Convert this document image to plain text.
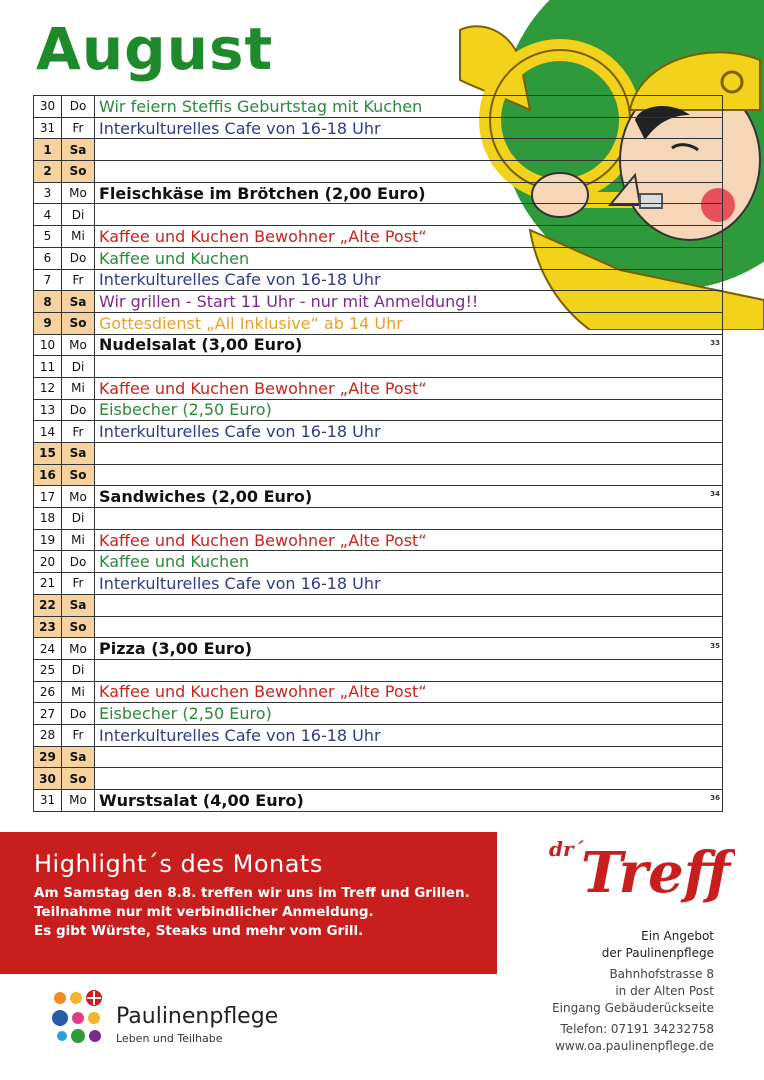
August
30	Do	Wir feiern Steffis Geburtstag mit Kuchen
31	Fr	Interkulturelles Cafe von 16-18 Uhr
1	Sa	
2	So	
3	Mo	Fleischkäse im Brötchen (2,00 Euro)
4	Di	
5	Mi	Kaffee und Kuchen Bewohner „Alte Post“
6	Do	Kaffee und Kuchen
7	Fr	Interkulturelles Cafe von 16-18 Uhr
8	Sa	Wir grillen - Start 11 Uhr - nur mit Anmeldung!!
9	So	Gottesdienst „All Inklusive“ ab 14 Uhr
10	Mo	Nudelsalat (3,00 Euro) 33

11	Di	
12	Mi	Kaffee und Kuchen Bewohner „Alte Post“
13	Do	Eisbecher (2,50 Euro)
14	Fr	Interkulturelles Cafe von 16-18 Uhr
15	Sa	
16	So	
17	Mo	Sandwiches (2,00 Euro) 34

18	Di	
19	Mi	Kaffee und Kuchen Bewohner „Alte Post“
20	Do	Kaffee und Kuchen
21	Fr	Interkulturelles Cafe von 16-18 Uhr
22	Sa	
23	So	
24	Mo	Pizza (3,00 Euro) 35

25	Di	
26	Mi	Kaffee und Kuchen Bewohner „Alte Post“
27	Do	Eisbecher (2,50 Euro)
28	Fr	Interkulturelles Cafe von 16-18 Uhr
29	Sa	
30	So	
31	Mo	Wurstsalat (4,00 Euro) 36
Highlight´s des Monats

Am Samstag den 8.8. treffen wir uns im Treff und Grillen.

Teilnahme nur mit verbindlicher Anmeldung.

Es gibt Würste, Steaks und mehr vom Grill.

dr´
Treff
Ein Angebot
der Paulinenpflege
Bahnhofstrasse 8
in der Alten Post
Eingang Gebäuderückseite
Telefon: 07191 34232758
www.oa.paulinenpflege.de
Paulinenpflege
Leben und Teilhabe
